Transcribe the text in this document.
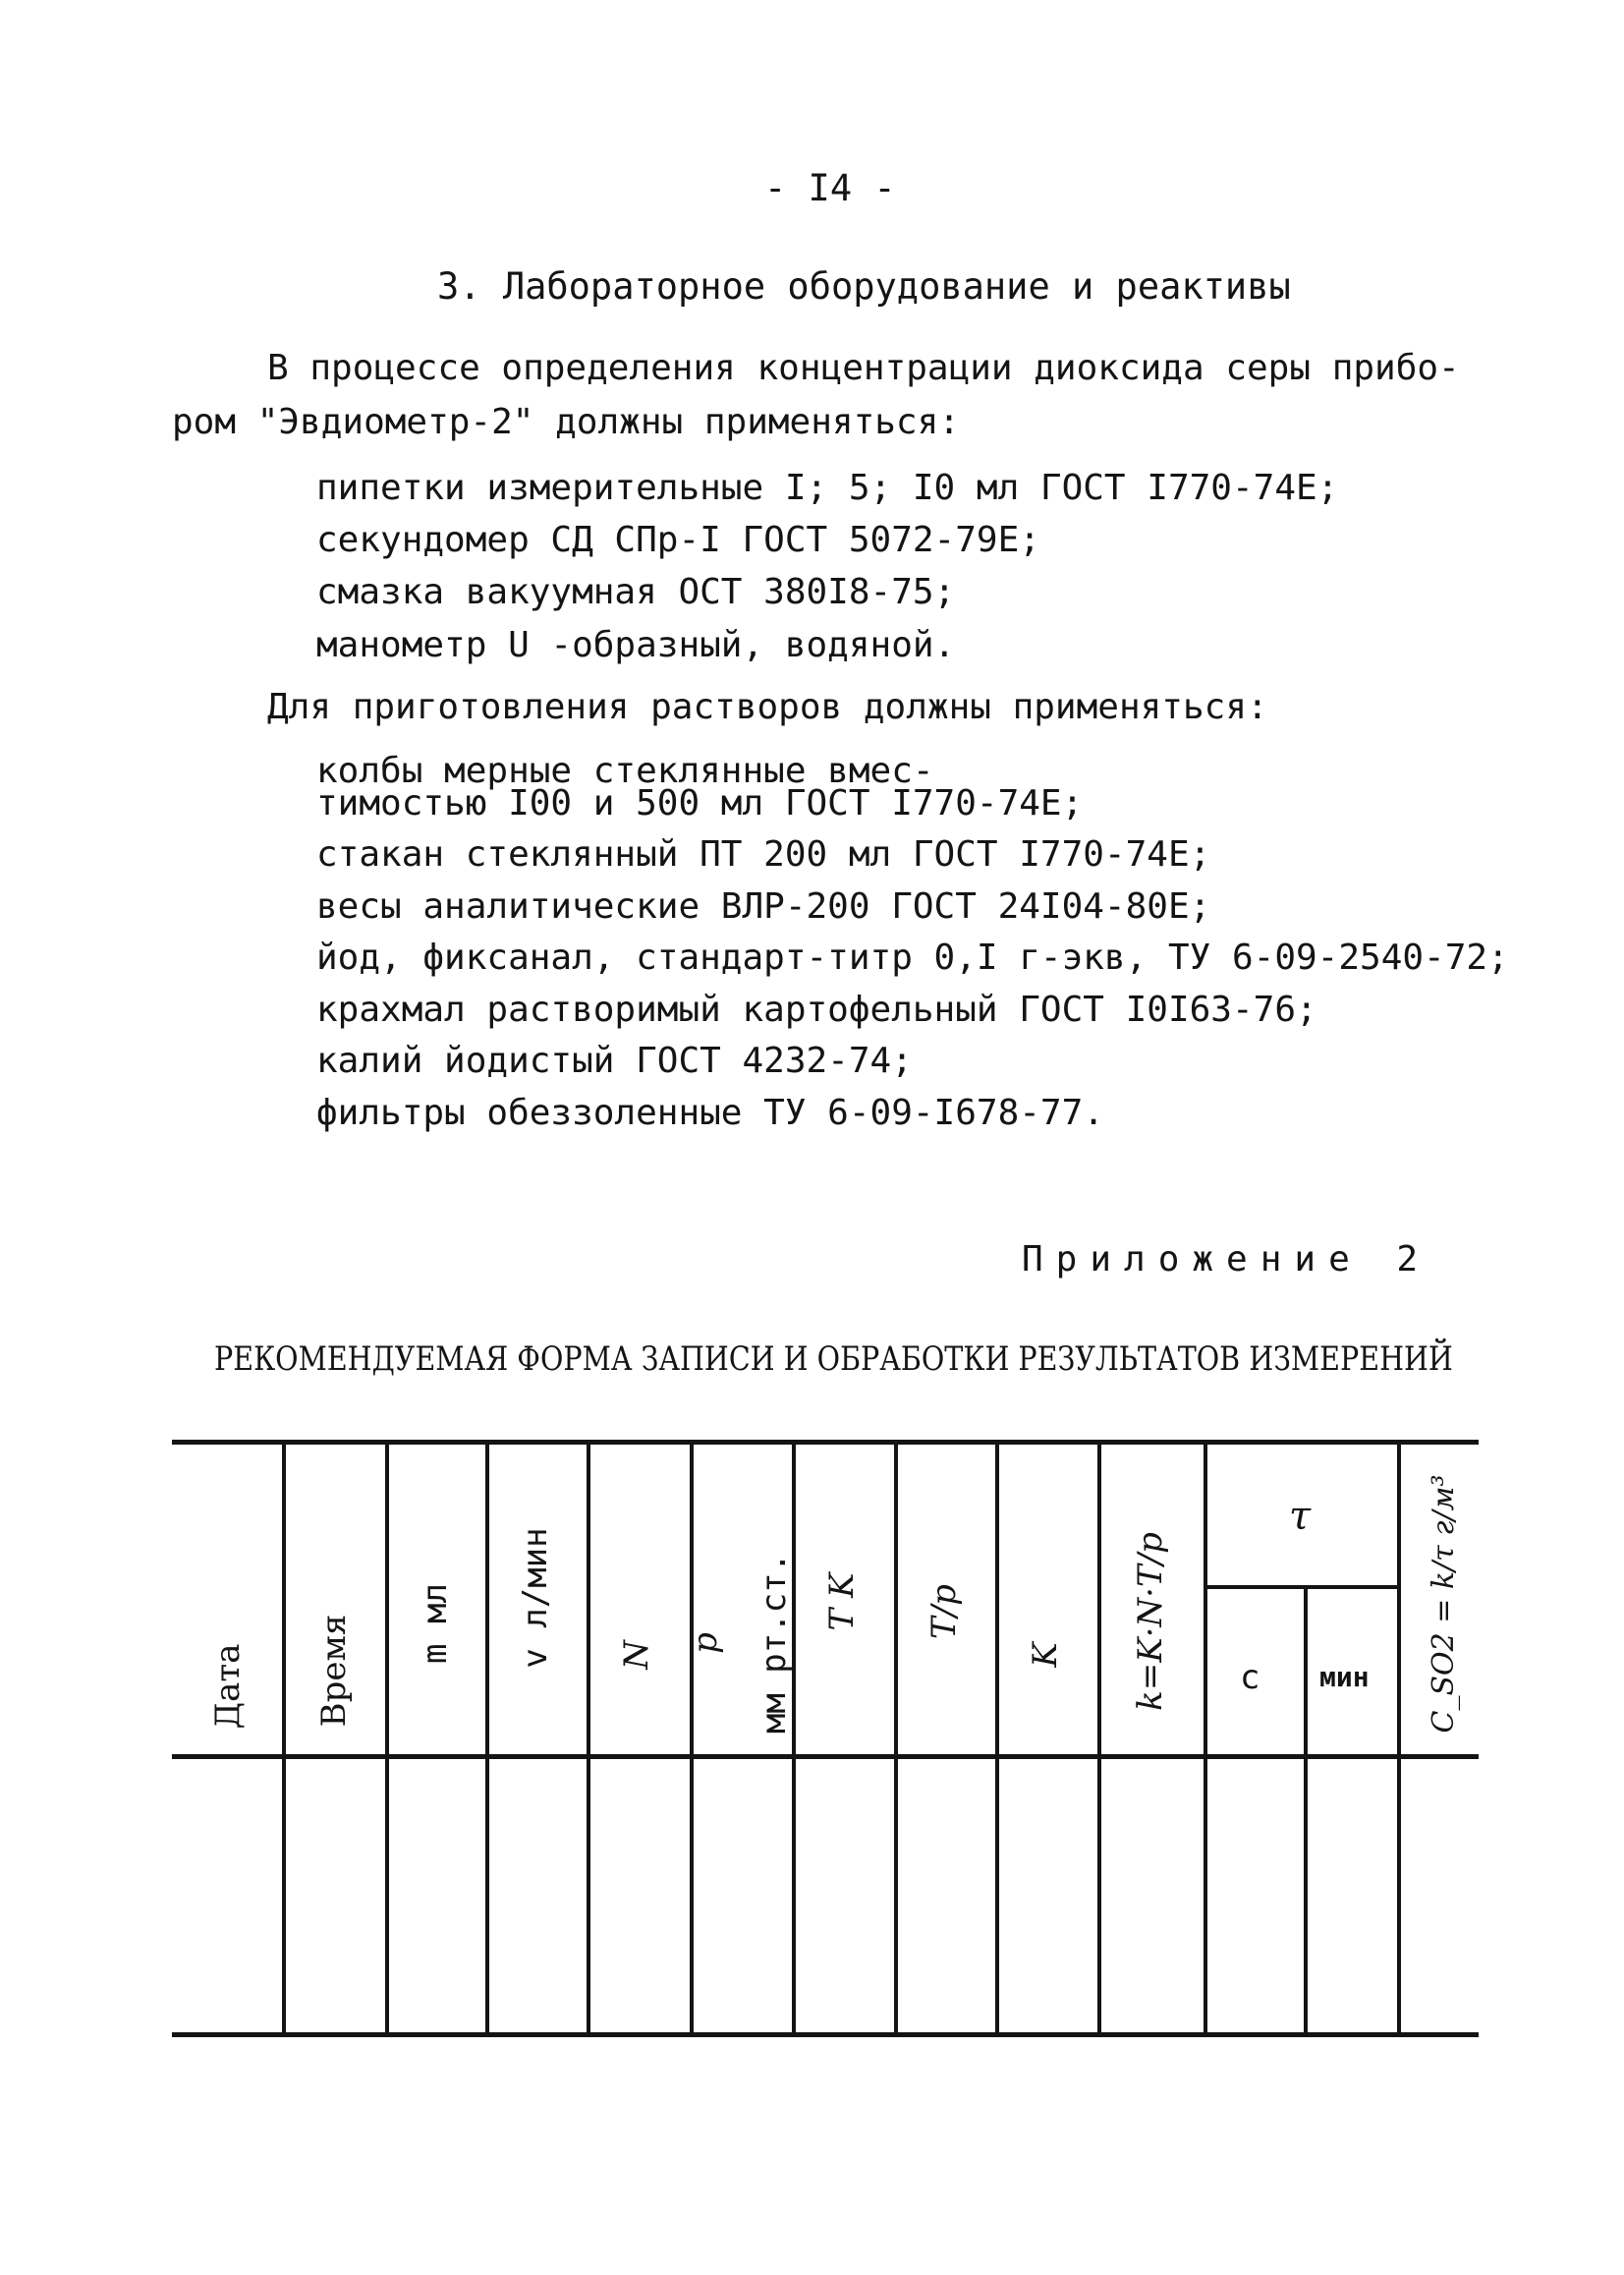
- I4 -
3. Лабораторное оборудование и реактивы
В процессе определения концентрации диоксида серы прибо-
ром "Эвдиометр-2" должны применяться:
пипетки измерительные I; 5; I0 мл ГОСТ I770-74Е;
секундомер СД СПр-I ГОСТ 5072-79Е;
смазка вакуумная ОСТ 380I8-75;
манометр U -образный, водяной.
Для приготовления растворов должны применяться:
колбы мерные стеклянные вмес-
тимостью I00 и 500 мл ГОСТ I770-74Е;
стакан стеклянный ПТ 200 мл ГОСТ I770-74Е;
весы аналитические ВЛР-200 ГОСТ 24I04-80Е;
йод, фиксанал, стандарт-титр 0,I г-экв, ТУ 6-09-2540-72;
крахмал растворимый картофельный ГОСТ I0I63-76;
калий йодистый ГОСТ 4232-74;
фильтры обеззоленные ТУ 6-09-I678-77.
Приложение 2
РЕКОМЕНДУЕМАЯ ФОРМА ЗАПИСИ И ОБРАБОТКИ РЕЗУЛЬТАТОВ ИЗМЕРЕНИЙ
Дата Время m мл v л/мин N p мм рт.ст. T K T/p
K k=K·N·T/p
τ
с мин C_SO2 = k/τ г/м³
